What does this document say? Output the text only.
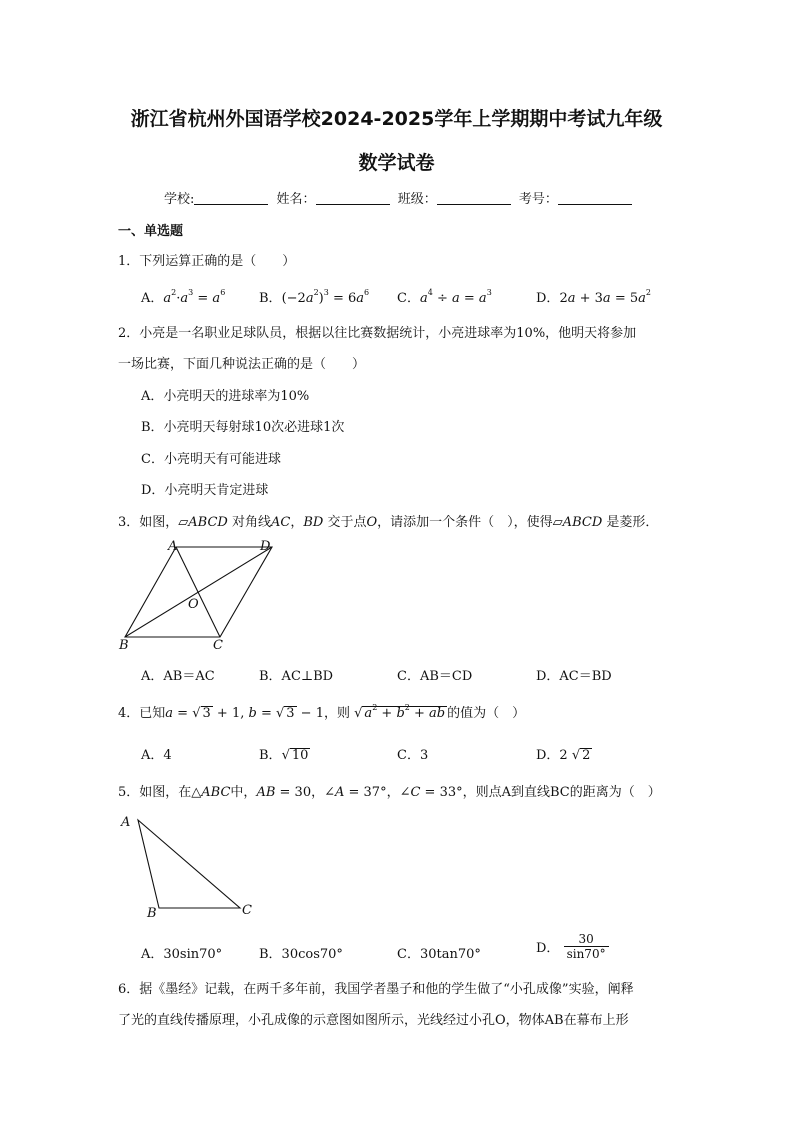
浙江省杭州外国语学校2024-2025学年上学期期中考试九年级
数学试卷
学校:	姓名：	班级：	考号：
一、单选题
1．下列运算正确的是（　　）
A．$a^2\cdot a^3 = a^6$	B．$(-2a^2)^3 = 6a^6$ C．$a^4 \div a = a^3$	D．$2a + 3a = 5a^2$
2．小亮是一名职业足球队员，根据以往比赛数据统计，小亮进球率为10%，他明天将参加
一场比赛，下面几种说法正确的是（　　）
A．小亮明天的进球率为10%
B．小亮明天每射球10次必进球1次
C．小亮明天有可能进球
D．小亮明天肯定进球
3．如图，▱ABCD 对角线AC，BD 交于点O，请添加一个条件（　），使得▱ABCD 是菱形．
A	D
O
B	C
A．AB＝AC	B．AC⊥BD	C．AB＝CD	D．AC＝BD
4．已知a = √ 3 + 1, b = √ 3 − 1，则 √ $a^2 + b^2$ + ab 的值为（　）
A．4	B．√ 10	C．3	D．2 √ 2
5．如图，在△ABC中，AB = 30，∠A = 37°，∠C = 33°，则点A到直线BC的距离为（　）
A
B	C
A．30sin70°	B．30cos70°	C．30tan70°	D． $\frac{30}{\sin 70^\circ}$
6．据《墨经》记载，在两千多年前，我国学者墨子和他的学生做了“小孔成像”实验，阐释
了光的直线传播原理，小孔成像的示意图如图所示，光线经过小孔O，物体AB在幕布上形
